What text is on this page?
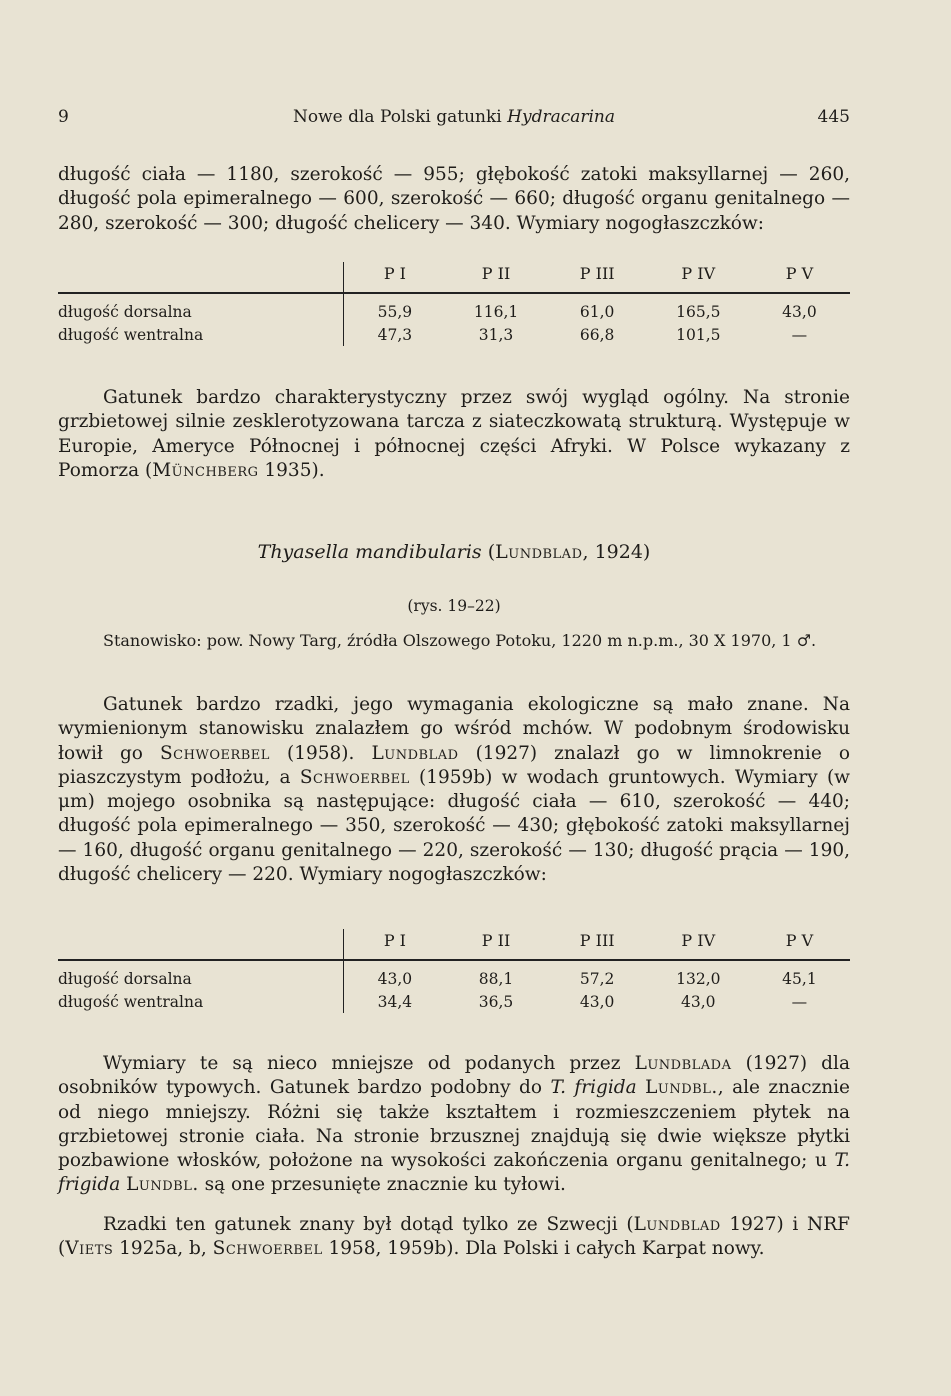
9	Nowe dla Polski gatunki Hydracarina	445
długość ciała — 1180, szerokość — 955; głębokość zatoki maksyllarnej — 260, długość pola epimeralnego — 600, szerokość — 660; długość organu genitalnego — 280, szerokość — 300; długość chelicery — 340. Wymiary nogogłaszczków:
	P I	P II	P III	P IV	P V
długość dorsalna	55,9	116,1	61,0	165,5	43,0
długość wentralna	47,3	31,3	66,8	101,5	—
Gatunek bardzo charakterystyczny przez swój wygląd ogólny. Na stronie grzbietowej silnie zesklerotyzowana tarcza z siateczkowatą strukturą. Występuje w Europie, Ameryce Północnej i północnej części Afryki. W Polsce wykazany z Pomorza (Münchberg 1935).
Thyasella mandibularis (Lundblad, 1924)
(rys. 19–22)
Stanowisko: pow. Nowy Targ, źródła Olszowego Potoku, 1220 m n.p.m., 30 X 1970, 1 ♂.
Gatunek bardzo rzadki, jego wymagania ekologiczne są mało znane. Na wymienionym stanowisku znalazłem go wśród mchów. W podobnym środowisku łowił go Schwoerbel (1958). Lundblad (1927) znalazł go w limnokrenie o piaszczystym podłożu, a Schwoerbel (1959b) w wodach gruntowych. Wymiary (w μm) mojego osobnika są następujące: długość ciała — 610, szerokość — 440; długość pola epimeralnego — 350, szerokość — 430; głębokość zatoki maksyllarnej — 160, długość organu genitalnego — 220, szerokość — 130; długość prącia — 190, długość chelicery — 220. Wymiary nogogłaszczków:
	P I	P II	P III	P IV	P V
długość dorsalna	43,0	88,1	57,2	132,0	45,1
długość wentralna	34,4	36,5	43,0	43,0	—
Wymiary te są nieco mniejsze od podanych przez Lundblada (1927) dla osobników typowych. Gatunek bardzo podobny do T. frigida Lundbl., ale znacznie od niego mniejszy. Różni się także kształtem i rozmieszczeniem płytek na grzbietowej stronie ciała. Na stronie brzusznej znajdują się dwie większe płytki pozbawione włosków, położone na wysokości zakończenia organu genitalnego; u T. frigida Lundbl. są one przesunięte znacznie ku tyłowi.
Rzadki ten gatunek znany był dotąd tylko ze Szwecji (Lundblad 1927) i NRF (Viets 1925a, b, Schwoerbel 1958, 1959b). Dla Polski i całych Karpat nowy.
